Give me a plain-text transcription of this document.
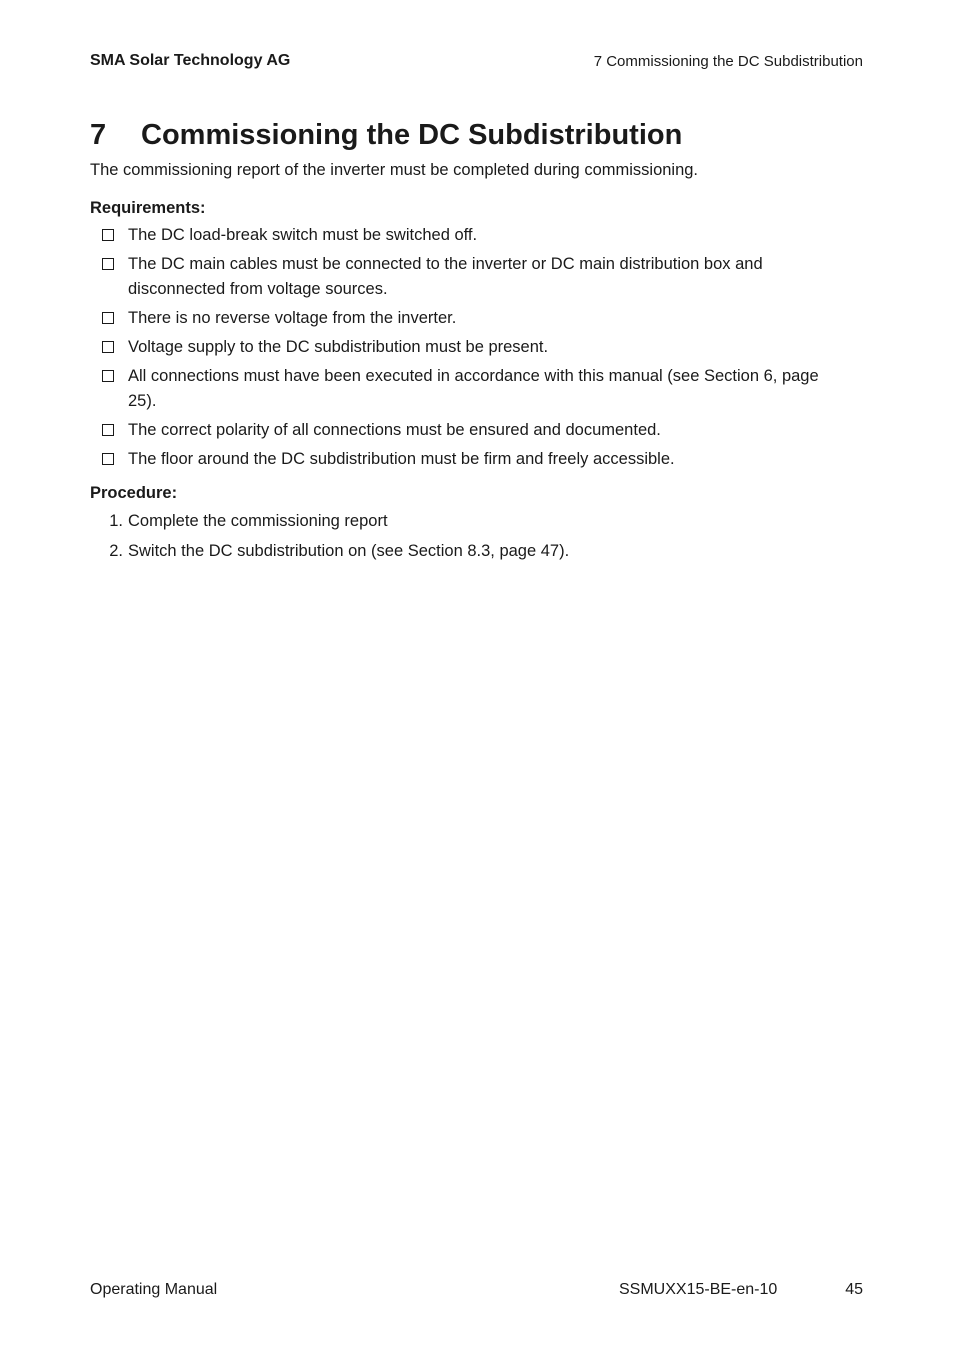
SMA Solar Technology AG	7 Commissioning the DC Subdistribution
7	Commissioning the DC Subdistribution
The commissioning report of the inverter must be completed during commissioning.
Requirements:
The DC load-break switch must be switched off.
The DC main cables must be connected to the inverter or DC main distribution box and disconnected from voltage sources.
There is no reverse voltage from the inverter.
Voltage supply to the DC subdistribution must be present.
All connections must have been executed in accordance with this manual (see Section 6, page 25).
The correct polarity of all connections must be ensured and documented.
The floor around the DC subdistribution must be firm and freely accessible.
Procedure:
1. Complete the commissioning report
2. Switch the DC subdistribution on (see Section 8.3, page 47).
Operating Manual	SSMUXX15-BE-en-10	45
